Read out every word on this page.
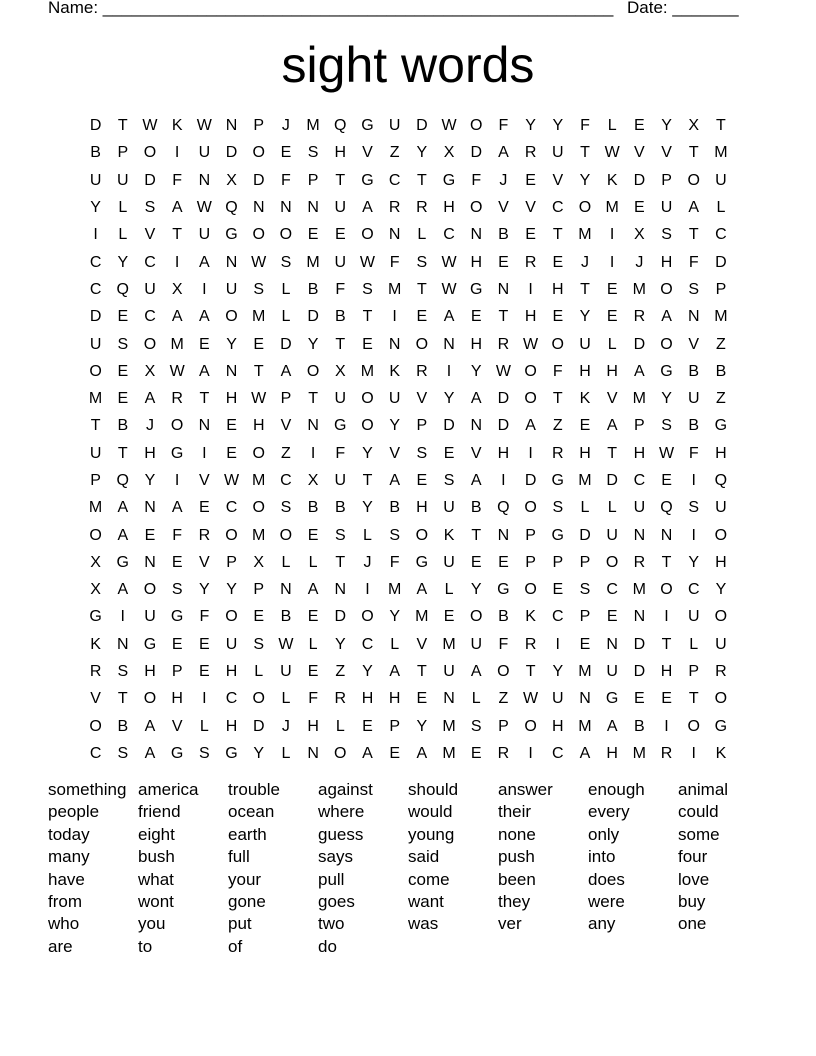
Name: ______________________________________________________ Date: _______
sight words
D	T W K W N	P	J	M Q G U D W O	F	Y	Y	F	L	E	Y	X	T
B	P O	I	U D O E	S	H	V	Z	Y	X	D	A	R U	T W V	V	T M
U U D	F	N	X	D	F	P	T	G C	T	G	F	J	E	V	Y	K	D	P O U
Y	L	S	A W Q N N N U	A	R R H O V	V	C O M E	U	A	L
I	L	V	T	U G O O E	E O N	L	C N	B	E	T M	I	X	S	T	C
C	Y	C	I	A	N W S M U W F	S W H	E	R	E	J	I	J	H	F	D
C Q U	X	I	U	S	L	B	F	S M T W G N	I	H	T	E M O S	P
D	E	C	A	A O M	L	D	B	T	I	E	A	E	T	H	E	Y	E	R	A	N M
U	S O M E	Y	E	D	Y	T	E	N O N H R W O U	L	D O V	Z
O E	X W A	N	T	A O X M K	R	I	Y W O	F	H H	A G B	B
M E	A	R	T	H W P	T	U O U	V	Y	A	D O	T	K	V M Y	U	Z
T	B	J	O N	E	H	V	N G O Y	P	D N D	A	Z	E	A	P	S	B G
U	T	H G	I	E O	Z	I	F	Y	V	S	E	V	H	I	R H	T	H W F	H
P Q Y	I	V W M C	X	U	T	A	E	S	A	I	D G M D C	E	I	Q
M A	N	A	E	C O S	B	B	Y	B	H U	B Q O S	L	L	U Q S	U
O A	E	F	R O M O E	S	L	S O K	T	N	P G D U N N	I	O
X G N	E	V	P	X	L	L	T	J	F	G U	E	E	P	P	P O R	T	Y	H
X	A O S	Y	Y	P	N	A	N	I	M A	L	Y G O E	S	C M O C	Y
G	I	U G	F	O E	B	E	D O Y M E O B	K	C	P	E	N	I	U O
K	N G E	E	U	S W L	Y	C	L	V M U	F	R	I	E	N D	T	L	U
R	S	H	P	E	H	L	U	E	Z	Y	A	T	U	A O	T	Y M U D H	P	R
V	T	O H	I	C O	L	F	R H H	E	N	L	Z W U N G E	E	T	O
O B	A	V	L	H D	J	H	L	E	P	Y M S	P O H M A	B	I	O G
C	S	A G S G Y	L	N O A	E	A M E	R	I	C	A	H M R	I	K
something america	trouble	against	should	answer	enough	animal
people	friend	ocean	where	would	their	every	could
today	eight	earth	guess	young	none	only	some
many	bush	full	says	said	push	into	four
have	what	your	pull	come	been	does	love
from	wont	gone	goes	want	they	were	buy
who	you	put	two	was	ver	any	one
are	to	of	do
